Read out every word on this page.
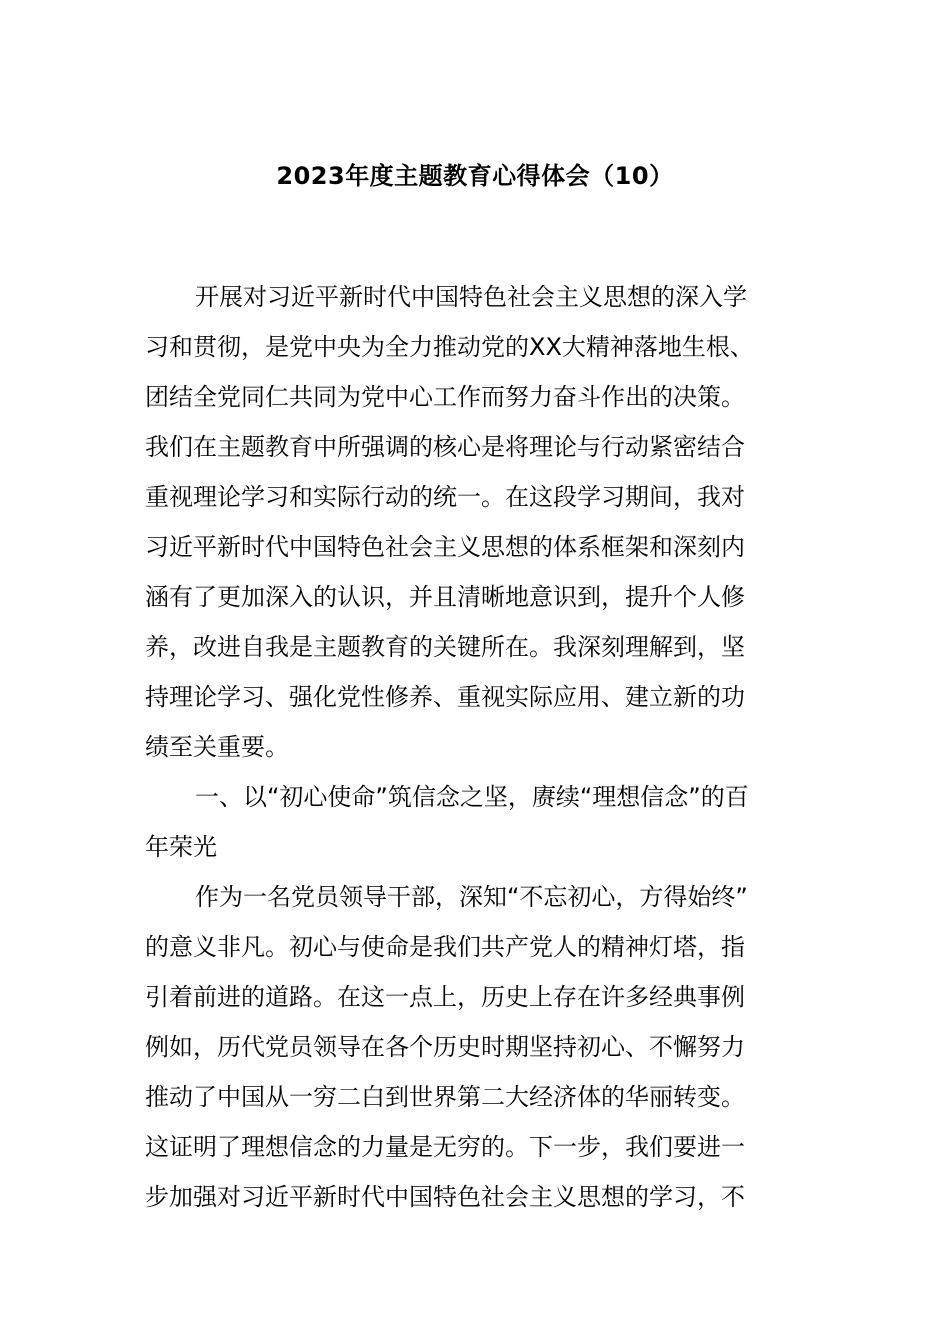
2023年度主题教育心得体会（10）
开展对习近平新时代中国特色社会主义思想的深入学
习和贯彻，是党中央为全力推动党的XX大精神落地生根、
团结全党同仁共同为党中心工作而努力奋斗作出的决策。
我们在主题教育中所强调的核心是将理论与行动紧密结合
重视理论学习和实际行动的统一。在这段学习期间，我对
习近平新时代中国特色社会主义思想的体系框架和深刻内
涵有了更加深入的认识，并且清晰地意识到，提升个人修
养，改进自我是主题教育的关键所在。我深刻理解到，坚
持理论学习、强化党性修养、重视实际应用、建立新的功
绩至关重要。
一、以“初心使命”筑信念之坚，赓续“理想信念”的百
年荣光
作为一名党员领导干部，深知“不忘初心，方得始终”
的意义非凡。初心与使命是我们共产党人的精神灯塔，指
引着前进的道路。在这一点上，历史上存在许多经典事例
例如，历代党员领导在各个历史时期坚持初心、不懈努力
推动了中国从一穷二白到世界第二大经济体的华丽转变。
这证明了理想信念的力量是无穷的。下一步，我们要进一
步加强对习近平新时代中国特色社会主义思想的学习，不
